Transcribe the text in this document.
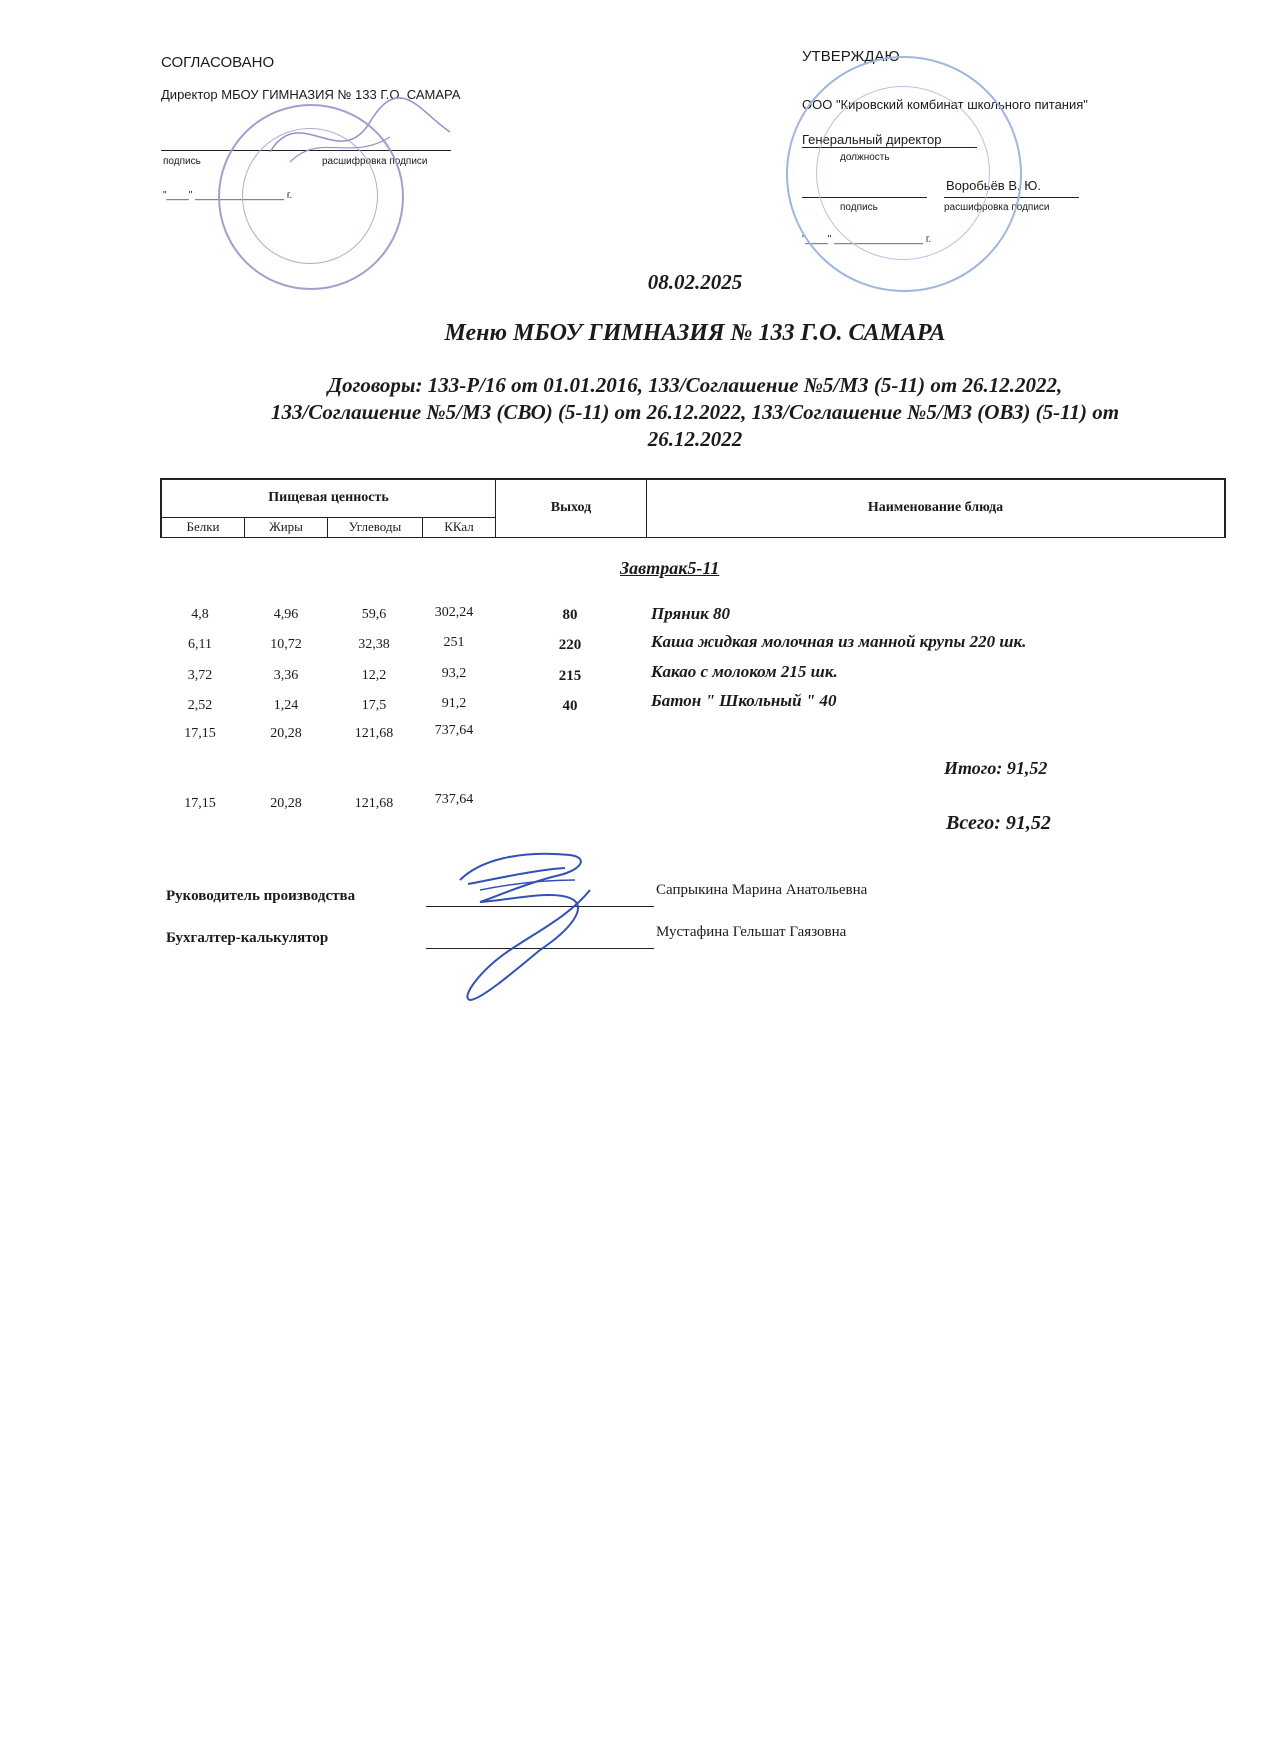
СОГЛАСОВАНО
Директор МБОУ ГИМНАЗИЯ № 133 Г.О. САМАРА
подпись	расшифровка подписи
"____" ________________ г.
УТВЕРЖДАЮ
ООО "Кировский комбинат школьного питания"
Генеральный директор
должность
Воробьёв В. Ю.
подпись	расшифровка подписи
"____" ________________ г.
08.02.2025
Меню МБОУ ГИМНАЗИЯ № 133 Г.О. САМАРА
Договоры: 133-Р/16 от 01.01.2016, 133/Соглашение №5/МЗ (5-11) от 26.12.2022,
133/Соглашение №5/МЗ (СВО) (5-11) от 26.12.2022, 133/Соглашение №5/МЗ (ОВЗ) (5-11) от
26.12.2022
Пищевая ценность				Выход	Наименование блюда
Белки	Жиры	Углеводы	ККал		
Завтрак5-11
4,8	4,96	59,6	302,24	80	Пряник 80
6,11	10,72	32,38	251	220	Каша жидкая молочная из манной крупы 220 шк.
3,72	3,36	12,2	93,2	215	Какао с молоком 215 шк.
2,52	1,24	17,5	91,2	40	Батон " Школьный " 40
17,15	20,28	121,68	737,64
Итого: 91,52
17,15	20,28	121,68	737,64
Всего: 91,52
Руководитель производства	Сапрыкина Марина Анатольевна
Бухгалтер-калькулятор	Мустафина Гельшат Гаязовна
